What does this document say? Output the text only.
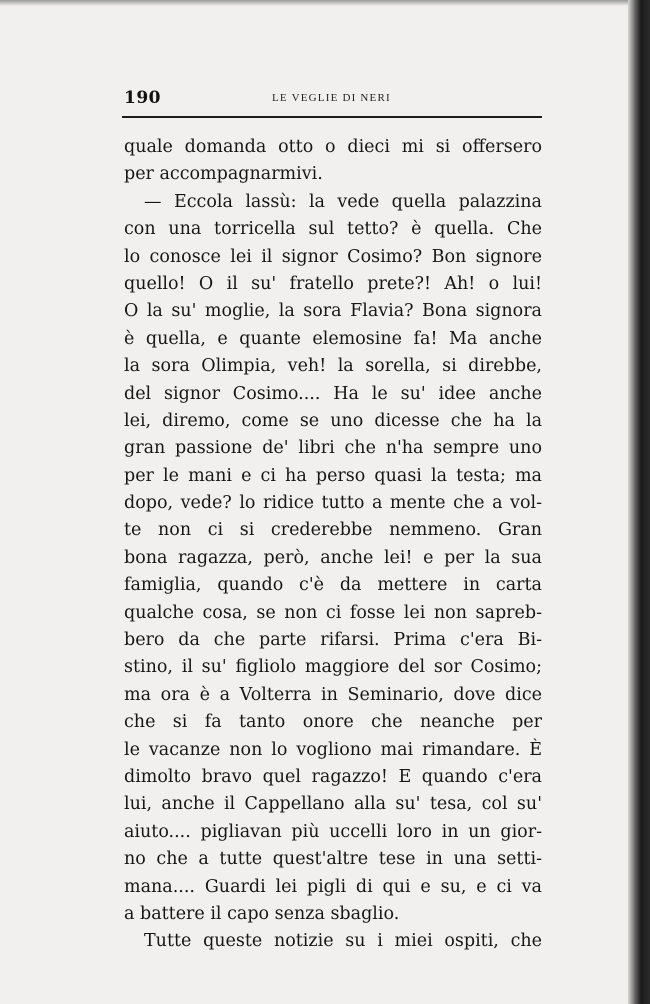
190	LE VEGLIE DI NERI
quale domanda otto o dieci mi si offersero
per accompagnarmivi.
— Eccola lassù: la vede quella palazzina
con una torricella sul tetto? è quella. Che
lo conosce lei il signor Cosimo? Bon signore
quello! O il su' fratello prete?! Ah! o lui!
O la su' moglie, la sora Flavia? Bona signora
è quella, e quante elemosine fa! Ma anche
la sora Olimpia, veh! la sorella, si direbbe,
del signor Cosimo.... Ha le su' idee anche
lei, diremo, come se uno dicesse che ha la
gran passione de' libri che n'ha sempre uno
per le mani e ci ha perso quasi la testa; ma
dopo, vede? lo ridice tutto a mente che a vol-
te non ci si crederebbe nemmeno. Gran
bona ragazza, però, anche lei! e per la sua
famiglia, quando c'è da mettere in carta
qualche cosa, se non ci fosse lei non sapreb-
bero da che parte rifarsi. Prima c'era Bi-
stino, il su' figliolo maggiore del sor Cosimo;
ma ora è a Volterra in Seminario, dove dice
che si fa tanto onore che neanche per
le vacanze non lo vogliono mai rimandare. È
dimolto bravo quel ragazzo! E quando c'era
lui, anche il Cappellano alla su' tesa, col su'
aiuto.... pigliavan più uccelli loro in un gior-
no che a tutte quest'altre tese in una setti-
mana.... Guardi lei pigli di qui e su, e ci va
a battere il capo senza sbaglio.
Tutte queste notizie su i miei ospiti, che
